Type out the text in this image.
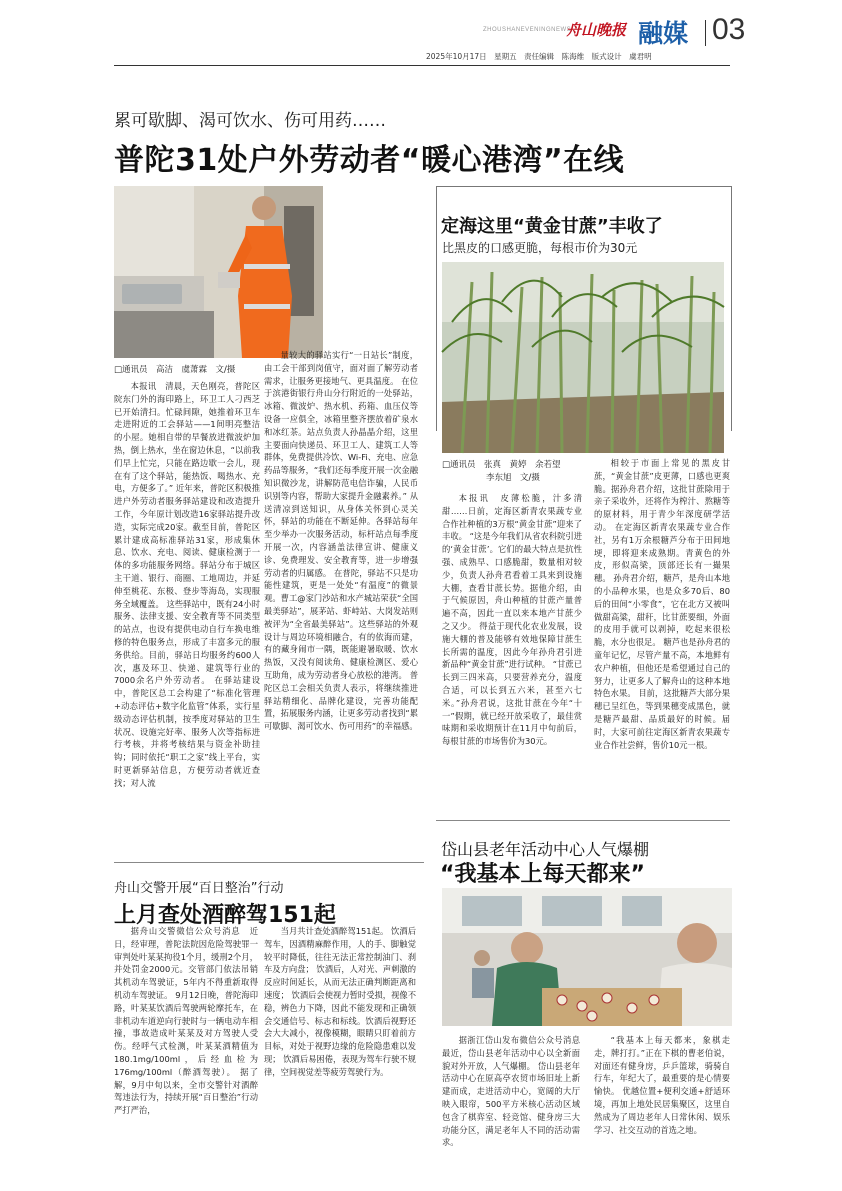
ZHOUSHANEVENINGNEWS
舟山晚报 融媒 03
2025年10月17日　星期五　责任编辑　陈海维　版式设计　虞君明
累可歇脚、渴可饮水、伤可用药……
普陀31处户外劳动者“暖心港湾”在线
□通讯员　高洁　虞萧霖　文/摄

本报讯　清晨，天色刚亮，普陀区院东门外的海印路上，环卫工人刁西芝已开始清扫。忙碌间隙，她推着环卫车走进附近的工会驿站——1间明亮整洁的小屋。她相自带的早餐放进微波炉加热，倒上热水，坐在窗边休息，“以前我们早上忙完，只能在路边歇一会儿，现在有了这个驿站，能热饭、喝热水、充电，方便多了。” 近年来，普陀区积极推进户外劳动者服务驿站建设和改造提升工作，今年原计划改造16家驿站提升改造，实际完成20家。截至目前，普陀区累计建成高标准驿站31家，形成集休息、饮水、充电、阅读、健康检测于一体的多功能服务网络。驿站分布于城区主干道、银行、商圈、工地周边，并延伸至桃花、东极、登步等海岛，实现服务全域覆盖。 这些驿站中，既有24小时服务、法律支援、安全教育等不同类型的站点，也设有提供电动自行车换电维修的特色服务点，形成了丰富多元的服务供给。目前，驿站日均服务约600人次，惠及环卫、快递、建筑等行业的7000余名户外劳动者。 在驿站建设中，普陀区总工会构建了“标准化管理+动态评估+数字化监管”体系，实行星级动态评估机制，按季度对驿站的卫生状况、设施完好率、服务人次等指标进行考核，并将考核结果与资金补助挂钩；同时依托“职工之家”线上平台，实时更新驿站信息，方便劳动者就近查找；对人流

量较大的驿站实行“一日站长”制度，由工会干部到岗值守，面对面了解劳动者需求，让服务更接地气、更具温度。 在位于滨港街银行舟山分行附近的一处驿站，冰箱、微波炉、热水机、药箱、血压仪等设备一应俱全，冰箱里整齐摆放着矿泉水和冰红茶。站点负责人孙晶晶介绍，这里主要面向快递员、环卫工人、建筑工人等群体，免费提供冷饮、Wi-Fi、充电、应急药品等服务，“我们还每季度开展一次金融知识微沙龙，讲解防范电信诈骗，人民币识别等内容，帮助大家提升金融素养。” 从送清凉到送知识，从身体关怀到心灵关怀，驿站的功能在不断延伸。各驿站每年至少举办一次服务活动，标杆站点每季度开展一次，内容涵盖法律宣讲、健康义诊、免费理发、安全教育等，进一步增强劳动者的归属感。 在普陀，驿站不只是功能性建筑，更是一处处“有温度”的微景观。曹工@家门沙站和水产城站荣获“全国最美驿站”，展茅站、虾峙站、大岗发站则被评为“全省最美驿站”。这些驿站的外观设计与周边环境相融合，有的依海而建，有的藏身闹市一隅，既能避暑取暖、饮水热饭，又没有阅读角、健康检测区、爱心互助角，成为劳动者身心放松的港湾。 普陀区总工会相关负责人表示，将继续推进驿站精细化、品牌化建设，完善功能配置，拓展服务内涵，让更多劳动者找到“累可歇脚、渴可饮水、伤可用药”的幸福感。

定海这里“黄金甘蔗”丰收了
比黑皮的口感更脆，每根市价为30元
□通讯员　张真　黄婷　余若望
李东旭　文/摄

本报讯　皮薄松脆，汁多清甜……日前，定海区新青农果蔬专业合作社种植的3万根“黄金甘蔗”迎来了丰收。 “这是今年我们从省农科院引进的‘黄金甘蔗’。它们的最大特点是抗性强、成熟早、口感脆甜，数量相对较少，负责人孙舟君看着工具来到设施大棚，查看甘蔗长势。据他介绍，由于气候原因，舟山种植的甘蔗产量普遍不高，因此一直以来本地产甘蔗少之又少。 得益于现代化农业发展，设施大棚的普及能够有效地保障甘蔗生长所需的温度，因此今年孙舟君引进新品种“黄金甘蔗”进行试种。 “甘蔗已长到三四米高，只要营养充分，温度合适，可以长到五六米，甚至六七米。”孙舟君说，这批甘蔗在今年“十一”假期，就已经开放采收了，最佳赏味期和采收期预计在11月中旬前后，每根甘蔗的市场售价为30元。

相较于市面上常见的黑皮甘蔗，“黄金甘蔗”皮更薄，口感也更爽脆。据孙舟君介绍，这批甘蔗除用于亲子采收外，还将作为榨汁、熬糖等的原材料，用于青少年深度研学活动。 在定海区新青农果蔬专业合作社，另有1万余根糖芦分布于田间地埂，即将迎来成熟期。青黄色的外皮，形似高梁，顶部还长有一撮果穗。 孙舟君介绍，糖芦，是舟山本地的小品种水果，也是众多70后、80后的田间“小零食”，它在北方又被叫做甜高粱，甜秆，比甘蔗要细，外面的皮用手就可以剥掉，吃起来很松脆，水分也很足。 糖芦也是孙舟君的童年记忆，尽管产量不高，本地鲜有农户种植，但他还是希望通过自己的努力，让更多人了解舟山的这种本地特色水果。 目前，这批糖芦大部分果穗已呈红色，等到果穗变成黑色，就是糖芦最甜、品质最好的时候。届时，大家可前往定海区新青农果蔬专业合作社尝鲜，售价10元一根。

岱山县老年活动中心人气爆棚
“我基本上每天都来”

据浙江岱山发布微信公众号消息　最近，岱山县老年活动中心以全新面貌对外开放，人气爆棚。 岱山县老年活动中心在原高亭农贸市场旧址上新建而成，走进活动中心，宽阔的大厅映入眼帘，500平方米核心活动区域包含了棋弈室、轻竞馆、健身房三大功能分区，满足老年人不同的活动需求。

“我基本上每天都来，象棋走走，牌打打。”正在下棋的曹老伯说，对面还有健身房，乒乒篮球，骑骑自行车，年纪大了，最重要的是心情要愉快。 优越位置+便利交通+舒适环境，再加上地处民居集聚区，这里自然成为了周边老年人日常休闲、娱乐学习、社交互动的首选之地。

舟山交警开展“百日整治”行动
上月查处酒醉驾151起

据舟山交警微信公众号消息　近日，经审理，普陀法院因危险驾驶罪一审判处叶某某拘役1个月，缓刑2个月，并处罚金2000元。交管部门依法吊销其机动车驾驶证，5年内不得重新取得机动车驾驶证。 9月12日晚，普陀海印路，叶某某饮酒后驾驶两轮摩托车，在非机动车道逆向行驶时与一辆电动车相撞，事故造成叶某某及对方驾驶人受伤。经呼气式检测，叶某某酒精值为180.1mg/100ml，后经血检为176mg/100ml（醉酒驾驶）。 据了解，9月中旬以来，全市交警针对酒醉驾违法行为，持续开展“百日整治”行动严打严治，

当月共计查处酒醉驾151起。 饮酒后驾车，因酒精麻醉作用，人的手、脚触觉较平时降低，往往无法正常控制油门、刹车及方向盘； 饮酒后，人对光、声刺激的反应时间延长，从而无法正确判断距离和速度； 饮酒后会使视力暂时受损，视像不稳，辨色力下降，因此不能发现和正确领会交通信号、标志和标线。饮酒后视野还会大大减小，视像模糊，眼睛只盯着前方目标，对处于视野边缘的危险隐患难以发现； 饮酒后易困倦，表现为驾车行驶不规律，空间视觉差等疲劳驾驶行为。
